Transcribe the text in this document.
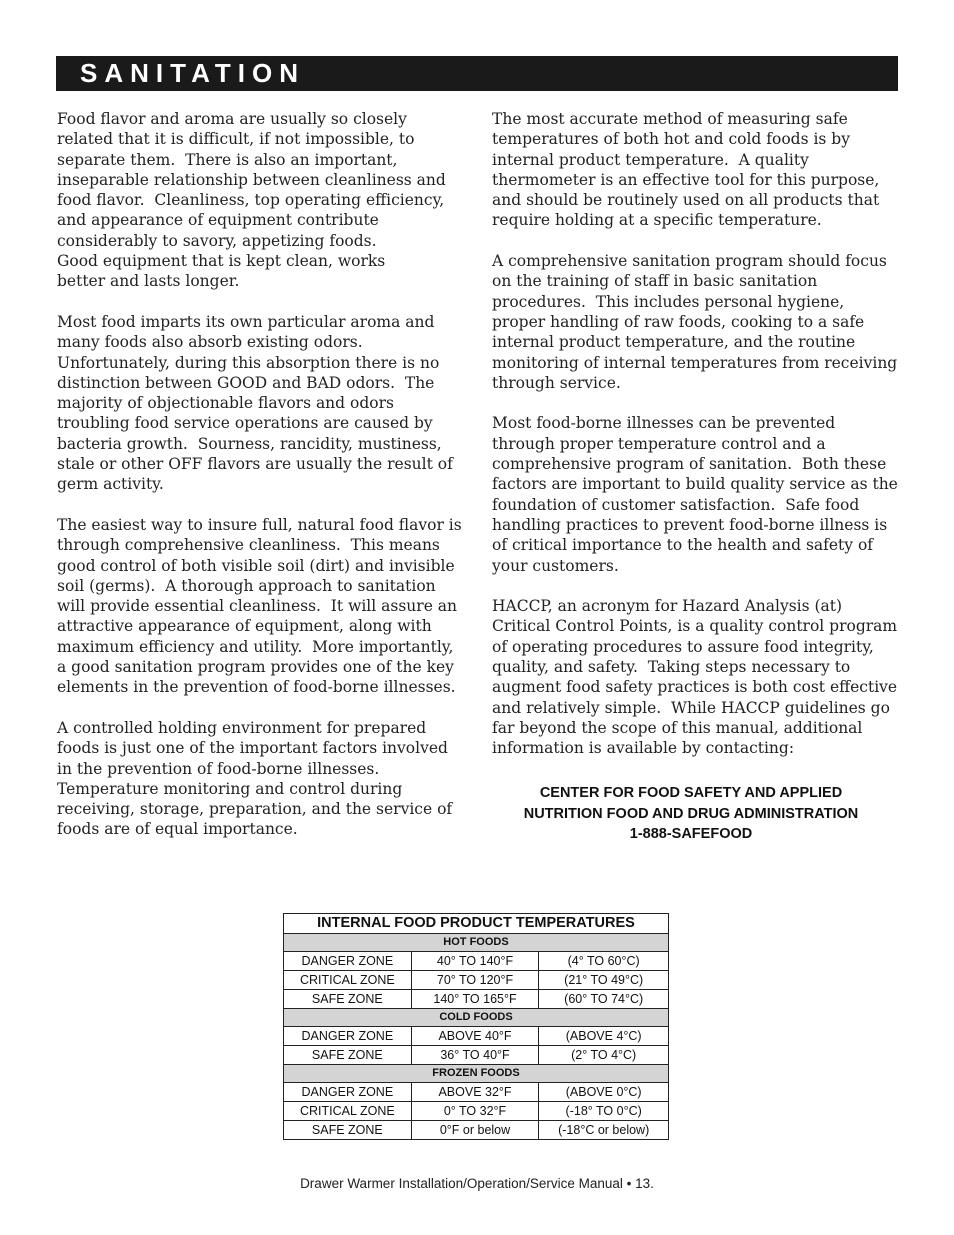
SANITATION

Food flavor and aroma are usually so closely
related that it is difficult, if not impossible, to
separate them.  There is also an important,
inseparable relationship between cleanliness and
food flavor.  Cleanliness, top operating efficiency,
and appearance of equipment contribute
considerably to savory, appetizing foods.
Good equipment that is kept clean, works
better and lasts longer.

Most food imparts its own particular aroma and
many foods also absorb existing odors.
Unfortunately, during this absorption there is no
distinction between GOOD and BAD odors.  The
majority of objectionable flavors and odors
troubling food service operations are caused by
bacteria growth.  Sourness, rancidity, mustiness,
stale or other OFF flavors are usually the result of
germ activity.

The easiest way to insure full, natural food flavor is
through comprehensive cleanliness.  This means
good control of both visible soil (dirt) and invisible
soil (germs).  A thorough approach to sanitation
will provide essential cleanliness.  It will assure an
attractive appearance of equipment, along with
maximum efficiency and utility.  More importantly,
a good sanitation program provides one of the key
elements in the prevention of food-borne illnesses.

A controlled holding environment for prepared
foods is just one of the important factors involved
in the prevention of food-borne illnesses.
Temperature monitoring and control during
receiving, storage, preparation, and the service of
foods are of equal importance.

The most accurate method of measuring safe
temperatures of both hot and cold foods is by
internal product temperature.  A quality
thermometer is an effective tool for this purpose,
and should be routinely used on all products that
require holding at a specific temperature.

A comprehensive sanitation program should focus
on the training of staff in basic sanitation
procedures.  This includes personal hygiene,
proper handling of raw foods, cooking to a safe
internal product temperature, and the routine
monitoring of internal temperatures from receiving
through service.

Most food-borne illnesses can be prevented
through proper temperature control and a
comprehensive program of sanitation.  Both these
factors are important to build quality service as the
foundation of customer satisfaction.  Safe food
handling practices to prevent food-borne illness is
of critical importance to the health and safety of
your customers.

HACCP, an acronym for Hazard Analysis (at)
Critical Control Points, is a quality control program
of operating procedures to assure food integrity,
quality, and safety.  Taking steps necessary to
augment food safety practices is both cost effective
and relatively simple.  While HACCP guidelines go
far beyond the scope of this manual, additional
information is available by contacting:

CENTER FOR FOOD SAFETY AND APPLIED
NUTRITION FOOD AND DRUG ADMINISTRATION
1-888-SAFEFOOD
INTERNAL FOOD PRODUCT TEMPERATURES		
HOT FOODS		
DANGER ZONE	40° TO 140°F	(4° TO 60°C)
CRITICAL ZONE	70° TO 120°F	(21° TO 49°C)
SAFE ZONE	140° TO 165°F	(60° TO 74°C)
COLD FOODS		
DANGER ZONE	ABOVE 40°F	(ABOVE 4°C)
SAFE ZONE	36° TO 40°F	(2° TO 4°C)
FROZEN FOODS		
DANGER ZONE	ABOVE 32°F	(ABOVE 0°C)
CRITICAL ZONE	0° TO 32°F	(-18° TO 0°C)
SAFE ZONE	0°F or below	(-18°C or below)
Drawer Warmer Installation/Operation/Service Manual • 13.
